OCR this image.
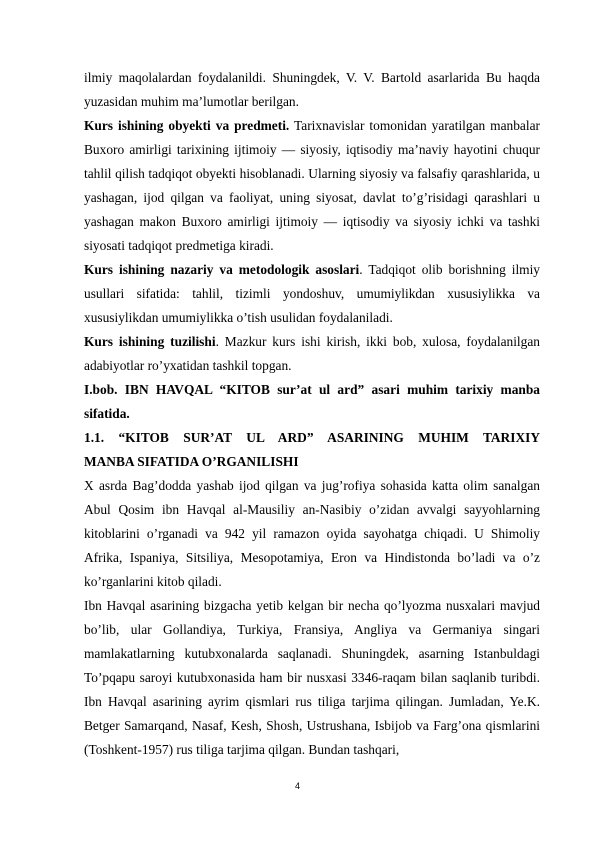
ilmiy maqolalardan foydalanildi. Shuningdek, V. V. Bartold asarlarida Bu haqda yuzasidan muhim ma’lumotlar berilgan.

Kurs ishining obyekti va predmeti. Tarixnavislar tomonidan yaratilgan manbalar Buxoro amirligi tarixining ijtimoiy — siyosiy, iqtisodiy ma’naviy hayotini chuqur tahlil qilish tadqiqot obyekti hisoblanadi. Ularning siyosiy va falsafiy qarashlarida, u yashagan, ijod qilgan va faoliyat, uning siyosat, davlat to’g’risidagi qarashlari u yashagan makon Buxoro amirligi ijtimoiy — iqtisodiy va siyosiy ichki va tashki siyosati tadqiqot predmetiga kiradi.

Kurs ishining nazariy va metodologik asoslari. Tadqiqot olib borishning ilmiy usullari sifatida: tahlil, tizimli yondoshuv, umumiylikdan xususiylikka va xususiylikdan umumiylikka o’tish usulidan foydalaniladi.

Kurs ishining tuzilishi. Mazkur kurs ishi kirish, ikki bob, xulosa, foydalanilgan adabiyotlar ro’yxatidan tashkil topgan.

I.bob. IBN HAVQAL “KITOB sur’at ul ard” asari muhim tarixiy manba sifatida.

1.1. “KITOB SUR’AT UL ARD” ASARINING MUHIM TARIXIY
MANBA SIFATIDA O’RGANILISHI

X asrda Bag’dodda yashab ijod qilgan va jug’rofiya sohasida katta olim sanalgan Abul Qosim ibn Havqal al-Mausiliy an-Nasibiy o’zidan avvalgi sayyohlarning kitoblarini o’rganadi va 942 yil ramazon oyida sayohatga chiqadi. U Shimoliy Afrika, Ispaniya, Sitsiliya, Mesopotamiya, Eron va Hindistonda bo’ladi va o’z ko’rganlarini kitob qiladi.

Ibn Havqal asarining bizgacha yetib kelgan bir necha qo’lyozma nusxalari mavjud bo’lib, ular Gollandiya, Turkiya, Fransiya, Angliya va Germaniya singari mamlakatlarning kutubxonalarda saqlanadi. Shuningdek, asarning Istanbuldagi To’pqapu saroyi kutubxonasida ham bir nusxasi 3346-raqam bilan saqlanib turibdi. Ibn Havqal asarining ayrim qismlari rus tiliga tarjima qilingan. Jumladan, Ye.K. Betger Samarqand, Nasaf, Kesh, Shosh, Ustrushana, Isbijob va Farg’ona qismlarini (Toshkent-1957) rus tiliga tarjima qilgan. Bundan tashqari,

4
